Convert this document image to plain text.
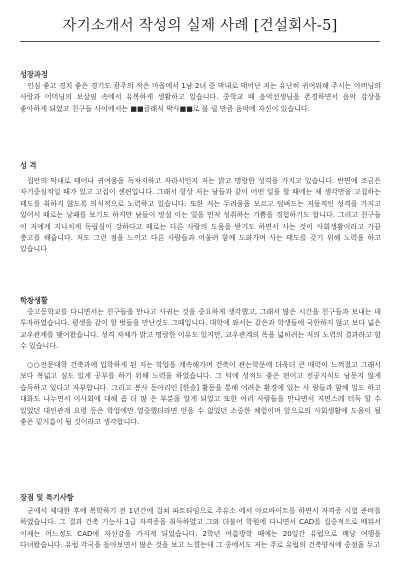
자기소개서 작성의 실제 사례 [건설회사-5]
성장과정
인심 좋고 경치 좋은 경기도 광주의 작은 마을에서 1남 2녀 중 막내로 태어난 저는 유난히 귀여워해 주시는 아버님의 사랑과 어머님의 보살핌 속에서 유복하게 생활하고 있습니다. 중학교 때 음악선생님을 존경하면서 음악 감상을 좋아하게 되었고 친구들 사이에서는 ■■클래식 박사■■로 불 릴 만큼 음악에 자신이 있습니다.
성 격
집안의 막내로 태어나 귀여움을 독차지하고 자라서인지 저는 밝고 명랑한 성격을 가지고 있습니다. 반면에 조금은 자기중심적일 때가 있고 고집이 센편입니다. 그래서 항상 저는 남들과 같이 어떤 일을 할 때에는 제 생각만을 고집하는 태도를 취하지 않도록 의식적으로 노력하고 있습니다. 또한 저는 두려움을 모르고 덤벼드는 저돌적인 성격을 가지고 있어서 때로는 낭패를 보기도 하지만 남들이 망설 이는 일을 먼저 성취하는 기쁨을 경험하기도 합니다. 그리고 친구들 이 저에게 지나치게 독립심이 강하다고 때로는 다른 사람의 도움을 받기도 하면서 사는 것이 사회생활이라고 가끔 충고를 해줍니다. 저도 그런 점을 느끼고 다른 사람들과 어울려 함께 도와가며 사는 태도를 갖기 위해 노력을 하고 있습니다
학창생활
중고등학교를 다니면서는 친구들을 만나고 사귀는 것을 중요하게 생각했고, 그래서 많은 시간을 친구들과 보내는 데 투자하였습니다. 평생을 같이 할 벗들을 만난것도 그때입니다. 대학에 와서는 같은과 학생들에 국한하지 않고 보다 넓은 교우관계를 맺어왔습니다. 성격 자체가 밝고 명랑한 이유도 있지만, 교우관계의 폭을 넓히려는 저의 노력의 결과라고 할 수 있습니다.
○○전문대학 건축과에 입학하게 된 저는 학업을 계속해가며 건축이 관는학문에 더욱더 큰 매력이 느껴졌고 그래서 보다 폭넓고 심도 있게 공부를 하기 위해 노력을 하였습니다. 그 덕에 성적도 좋은 편이고 전공지식도 남못지 않게 습득하고 있다고 자부합니다. 그리고 봉사 동아리인 [한솔] 활동을 통해 어려운 환경에 있는 사 람들과 함께 일도 하고 대화도 나누면서 이사회에 대해 좀 더 많 은 부분을 알게 되었고 또한 여러 사람들을 만나면서 지면스레 터득 할 수 있었던 대인관계 요령 등은 학업에만 열중했더라면 얻을 수 없었던 소중한 체험이며 앞으로의 사회생활에 도움이 될 좋은 밑거름이 될 것이라고 생각합니다.
장점 및 특기사항
군에서 제대한 후에 복학하기 전 1년간에 걸쳐 파트타임으로 주유소 에서 아르바이트를 하면서 자격증 시험 준비를 하였습니다. 그 결과 건축 기능사 1급 자격증을 취득하였고 그와 더불어 학원에 다니면서 CAD를 집중적으로 배워서 이제는 어느정도 CAD에 자신감을 가지게 되었습니다. 2학년 여름방학 때에는 20일간 유럽으로 배낭 여행을 다녀왔습니다. 유럽 각국을 돌아보면서 많은 것을 보고 느꼈는데 그 중에서도 저는 주로 유럽의 건축양식에 중점을 두고
